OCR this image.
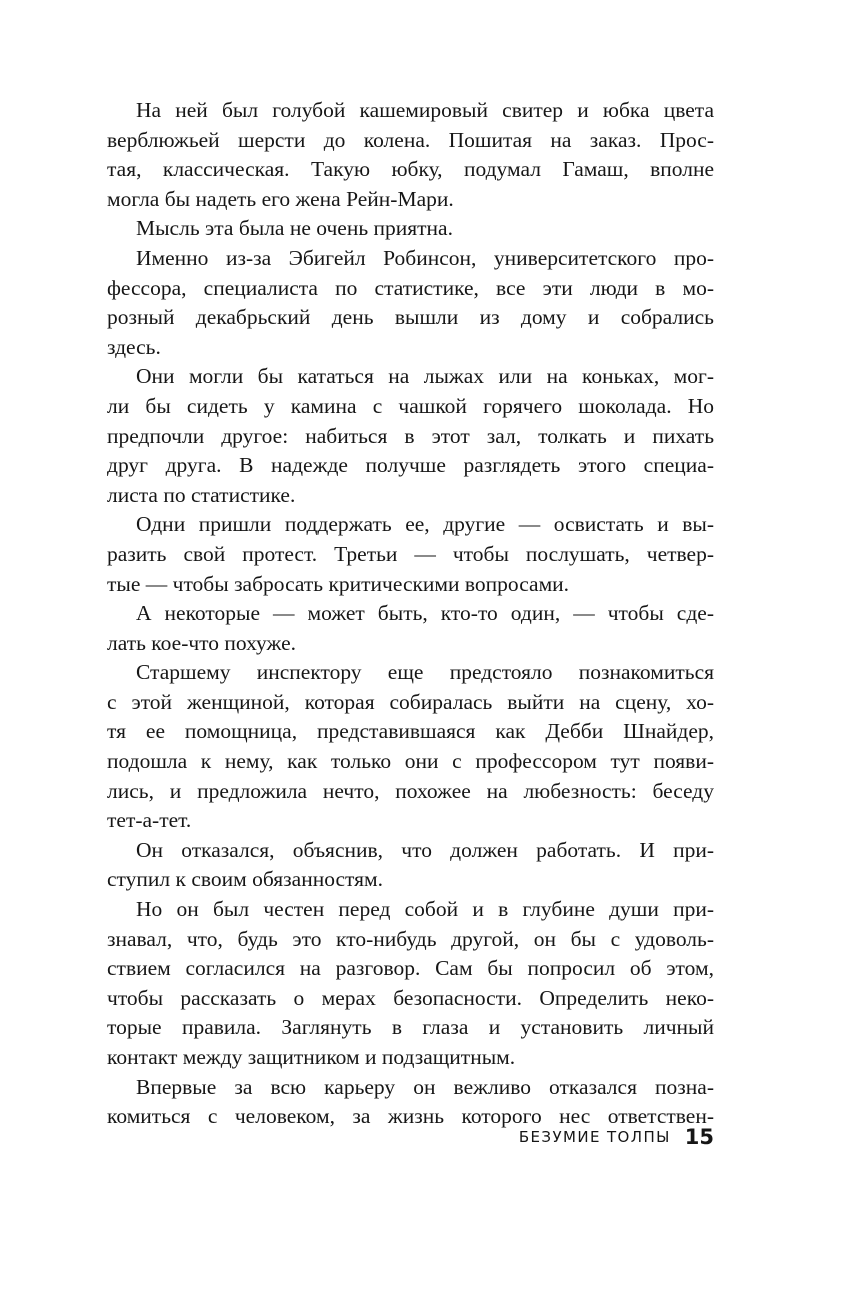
На ней был голубой кашемировый свитер и юбка цвета
верблюжьей шерсти до колена. Пошитая на заказ. Прос-
тая, классическая. Такую юбку, подумал Гамаш, вполне
могла бы надеть его жена Рейн-Мари.
Мысль эта была не очень приятна.
Именно из-за Эбигейл Робинсон, университетского про-
фессора, специалиста по статистике, все эти люди в мо-
розный декабрьский день вышли из дому и собрались
здесь.
Они могли бы кататься на лыжах или на коньках, мог-
ли бы сидеть у камина с чашкой горячего шоколада. Но
предпочли другое: набиться в этот зал, толкать и пихать
друг друга. В надежде получше разглядеть этого специа-
листа по статистике.
Одни пришли поддержать ее, другие — освистать и вы-
разить свой протест. Третьи — чтобы послушать, четвер-
тые — чтобы забросать критическими вопросами.
А некоторые — может быть, кто-то один, — чтобы сде-
лать кое-что похуже.
Старшему инспектору еще предстояло познакомиться
с этой женщиной, которая собиралась выйти на сцену, хо-
тя ее помощница, представившаяся как Дебби Шнайдер,
подошла к нему, как только они с профессором тут появи-
лись, и предложила нечто, похожее на любезность: беседу
тет-а-тет.
Он отказался, объяснив, что должен работать. И при-
ступил к своим обязанностям.
Но он был честен перед собой и в глубине души при-
знавал, что, будь это кто-нибудь другой, он бы с удоволь-
ствием согласился на разговор. Сам бы попросил об этом,
чтобы рассказать о мерах безопасности. Определить неко-
торые правила. Заглянуть в глаза и установить личный
контакт между защитником и подзащитным.
Впервые за всю карьеру он вежливо отказался позна-
комиться с человеком, за жизнь которого нес ответствен-
БЕЗУМИЕ ТОЛПЫ 15
